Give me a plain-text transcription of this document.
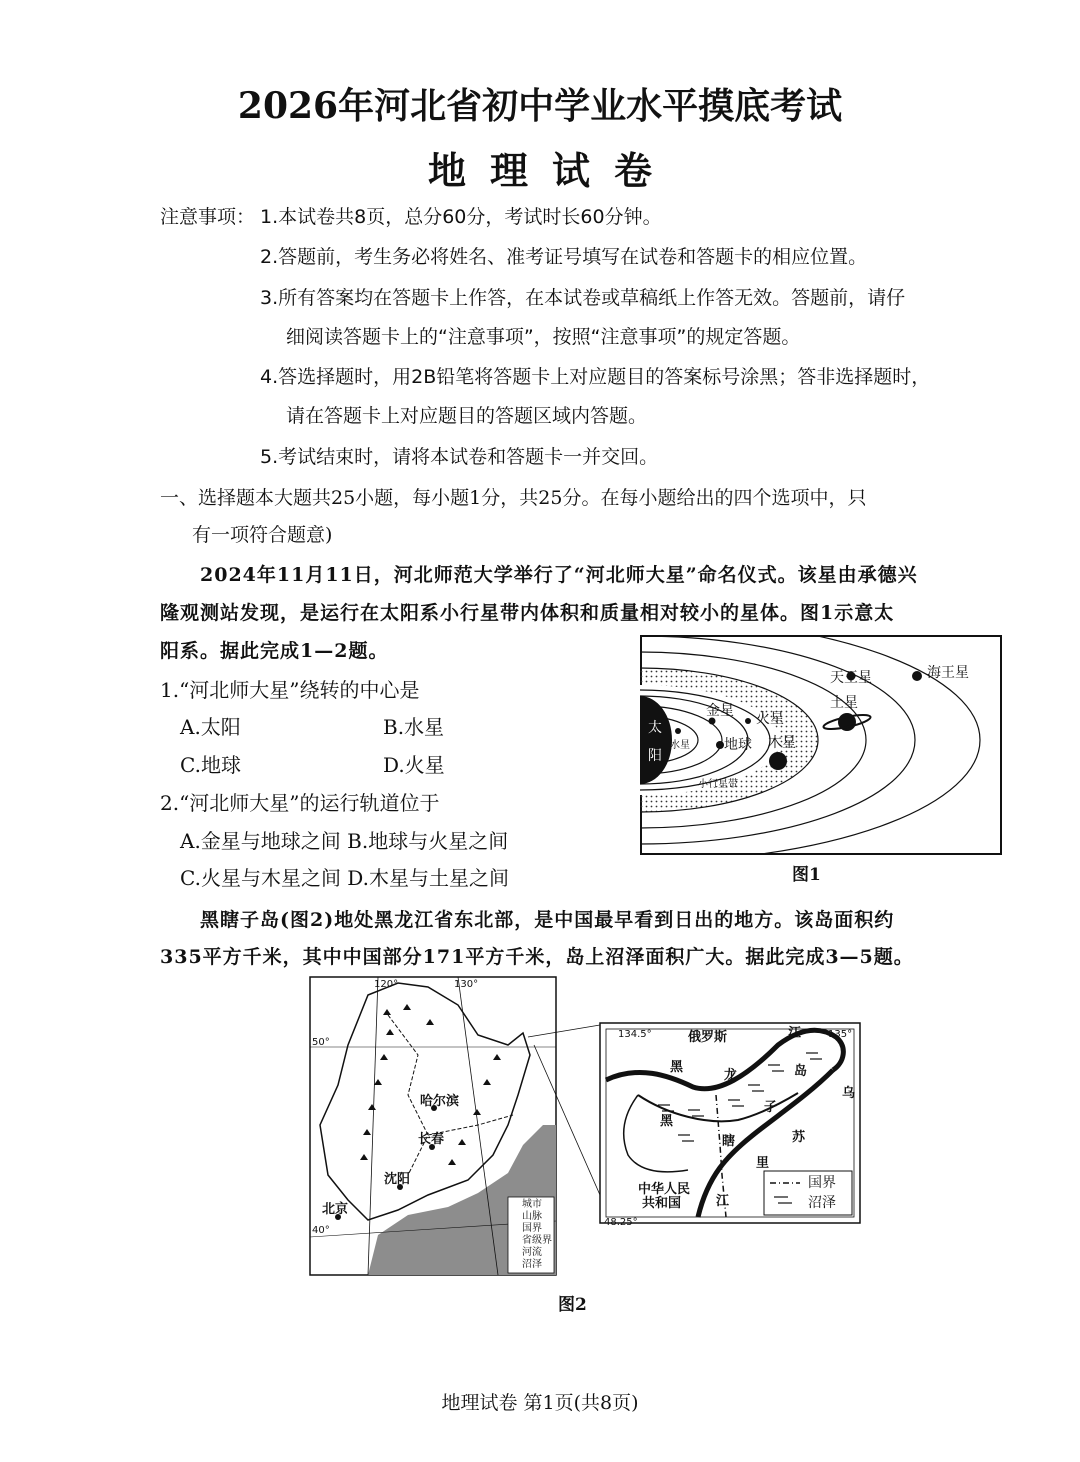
2026年河北省初中学业水平摸底考试
地理试卷
注意事项： 1.本试卷共8页，总分60分，考试时长60分钟。
2.答题前，考生务必将姓名、准考证号填写在试卷和答题卡的相应位置。
3.所有答案均在答题卡上作答，在本试卷或草稿纸上作答无效。答题前，请仔
细阅读答题卡上的“注意事项”，按照“注意事项”的规定答题。
4.答选择题时，用2B铅笔将答题卡上对应题目的答案标号涂黑；答非选择题时，
请在答题卡上对应题目的答题区域内答题。
5.考试结束时，请将本试卷和答题卡一并交回。
一、选择题本大题共25小题，每小题1分，共25分。在每小题给出的四个选项中，只
有一项符合题意)
2024年11月11日，河北师范大学举行了“河北师大星”命名仪式。该星由承德兴
隆观测站发现，是运行在太阳系小行星带内体积和质量相对较小的星体。图1示意太
阳系。据此完成1—2题。
1.“河北师大星”绕转的中心是
A.太阳	B.水星
C.地球	D.火星
2.“河北师大星”的运行轨道位于
A.金星与地球之间 B.地球与火星之间
C.火星与木星之间 D.木星与土星之间
太
阳
水星
金星
地球
火星
木星
土星
天王星	海王星
小行星带
图1
黑瞎子岛(图2)地处黑龙江省东北部，是中国最早看到日出的地方。该岛面积约
335平方千米，其中中国部分171平方千米，岛上沼泽面积广大。据此完成3—5题。
120°	130°
50°
40°
哈尔滨
长春
沈阳
北京	城市
山脉
国界
省级界
河流
沼泽
134.5°	135°
48.25°
俄罗斯
中华人民
共和国
黑
龙
江
黑
瞎
子
岛
乌
苏
里
江
国界
沼泽
图2
地理试卷 第1页(共8页)
